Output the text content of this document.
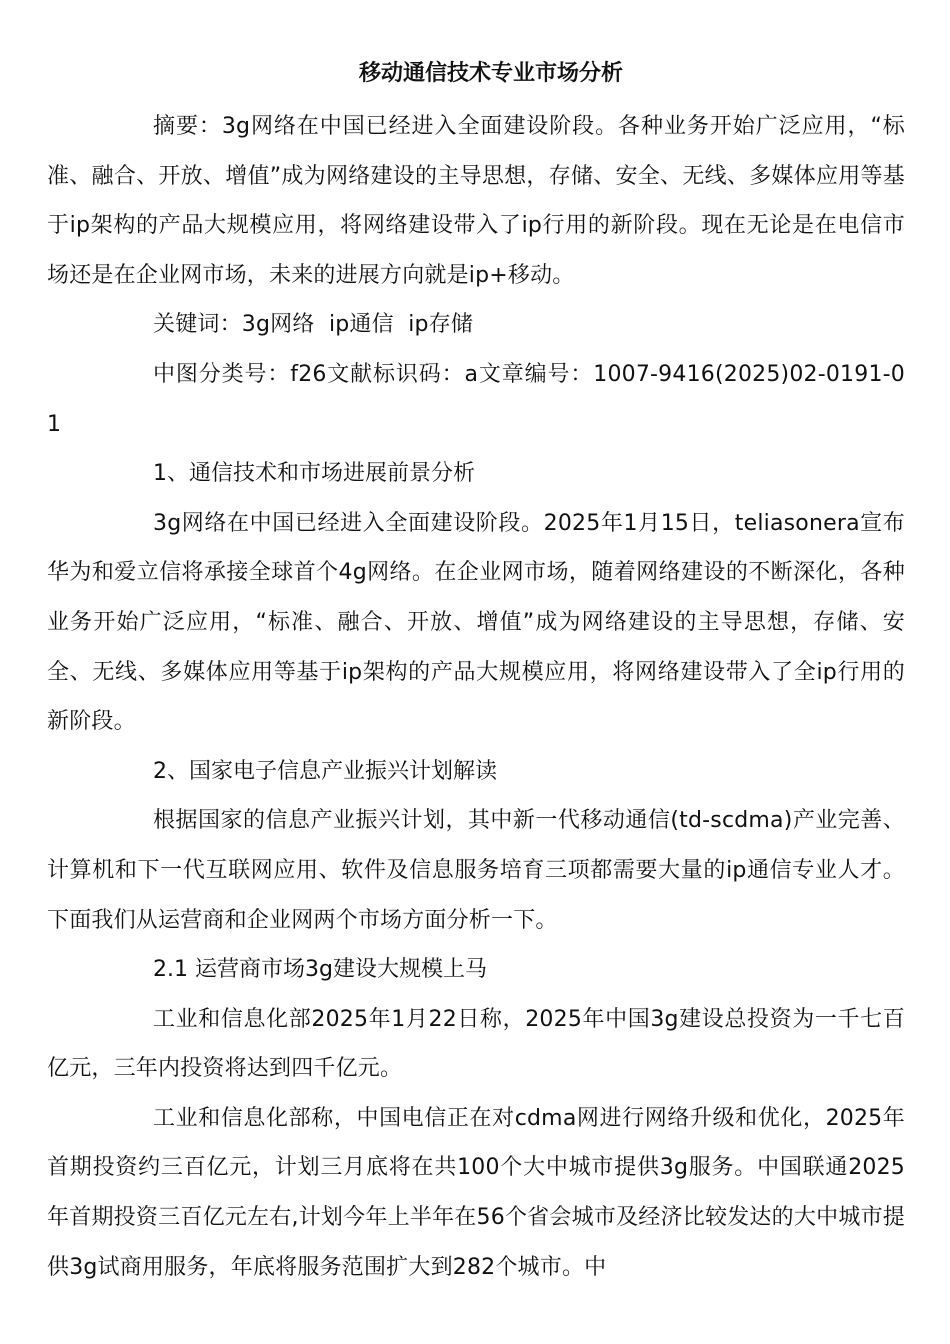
移动通信技术专业市场分析

摘要：3g网络在中国已经进入全面建设阶段。各种业务开始广泛应用，“标准、融合、开放、增值”成为网络建设的主导思想，存储、安全、无线、多媒体应用等基于ip架构的产品大规模应用，将网络建设带入了ip行用的新阶段。现在无论是在电信市场还是在企业网市场，未来的进展方向就是ip+移动。

关键词：3g网络  ip通信  ip存储

中图分类号：f26文献标识码：a文章编号：1007-9416(2025)02-0191-01

1、通信技术和市场进展前景分析

3g网络在中国已经进入全面建设阶段。2025年1月15日，teliasonera宣布华为和爱立信将承接全球首个4g网络。在企业网市场，随着网络建设的不断深化，各种业务开始广泛应用，“标准、融合、开放、增值”成为网络建设的主导思想，存储、安全、无线、多媒体应用等基于ip架构的产品大规模应用，将网络建设带入了全ip行用的新阶段。

2、国家电子信息产业振兴计划解读

根据国家的信息产业振兴计划，其中新一代移动通信(td-scdma)产业完善、计算机和下一代互联网应用、软件及信息服务培育三项都需要大量的ip通信专业人才。下面我们从运营商和企业网两个市场方面分析一下。

2.1 运营商市场3g建设大规模上马

工业和信息化部2025年1月22日称，2025年中国3g建设总投资为一千七百亿元，三年内投资将达到四千亿元。

工业和信息化部称，中国电信正在对cdma网进行网络升级和优化，2025年首期投资约三百亿元，计划三月底将在共100个大中城市提供3g服务。中国联通2025年首期投资三百亿元左右,计划今年上半年在56个省会城市及经济比较发达的大中城市提供3g试商用服务，年底将服务范围扩大到282个城市。中
